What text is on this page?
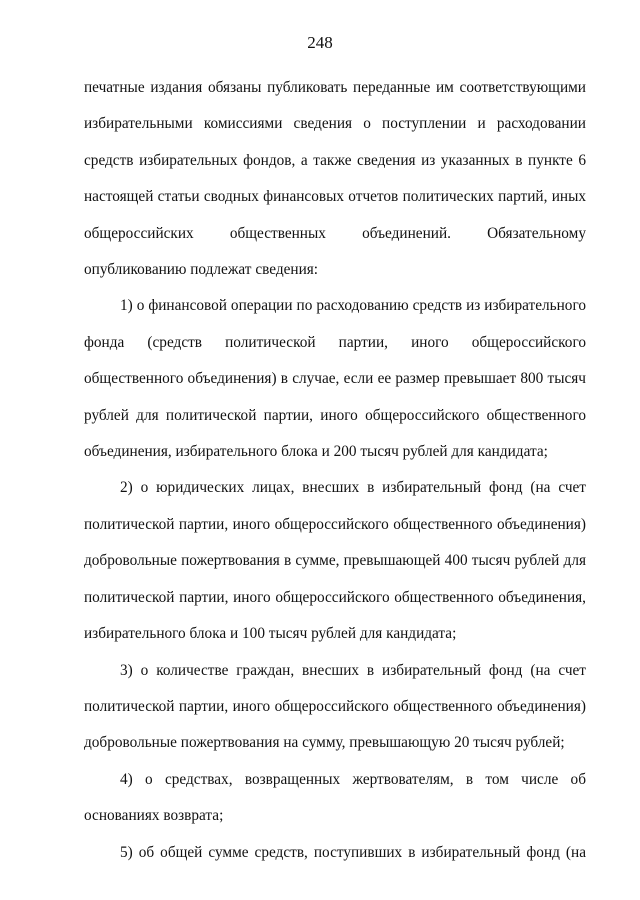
248

печатные издания обязаны публиковать переданные им соответствующими избирательными комиссиями сведения о поступлении и расходовании средств избирательных фондов, а также сведения из указанных в пункте 6 настоящей статьи сводных финансовых отчетов политических партий, иных общероссийских общественных объединений. Обязательному опубликованию подлежат сведения:

1) о финансовой операции по расходованию средств из избирательного фонда (средств политической партии, иного общероссийского общественного объединения) в случае, если ее размер превышает 800 тысяч рублей для политической партии, иного общероссийского общественного объединения, избирательного блока и 200 тысяч рублей для кандидата;

2) о юридических лицах, внесших в избирательный фонд (на счет политической партии, иного общероссийского общественного объединения) добровольные пожертвования в сумме, превышающей 400 тысяч рублей для политической партии, иного общероссийского общественного объединения, избирательного блока и 100 тысяч рублей для кандидата;

3) о количестве граждан, внесших в избирательный фонд (на счет политической партии, иного общероссийского общественного объединения) добровольные пожертвования на сумму, превышающую 20 тысяч рублей;

4) о средствах, возвращенных жертвователям, в том числе об основаниях возврата;

5) об общей сумме средств, поступивших в избирательный фонд (на
